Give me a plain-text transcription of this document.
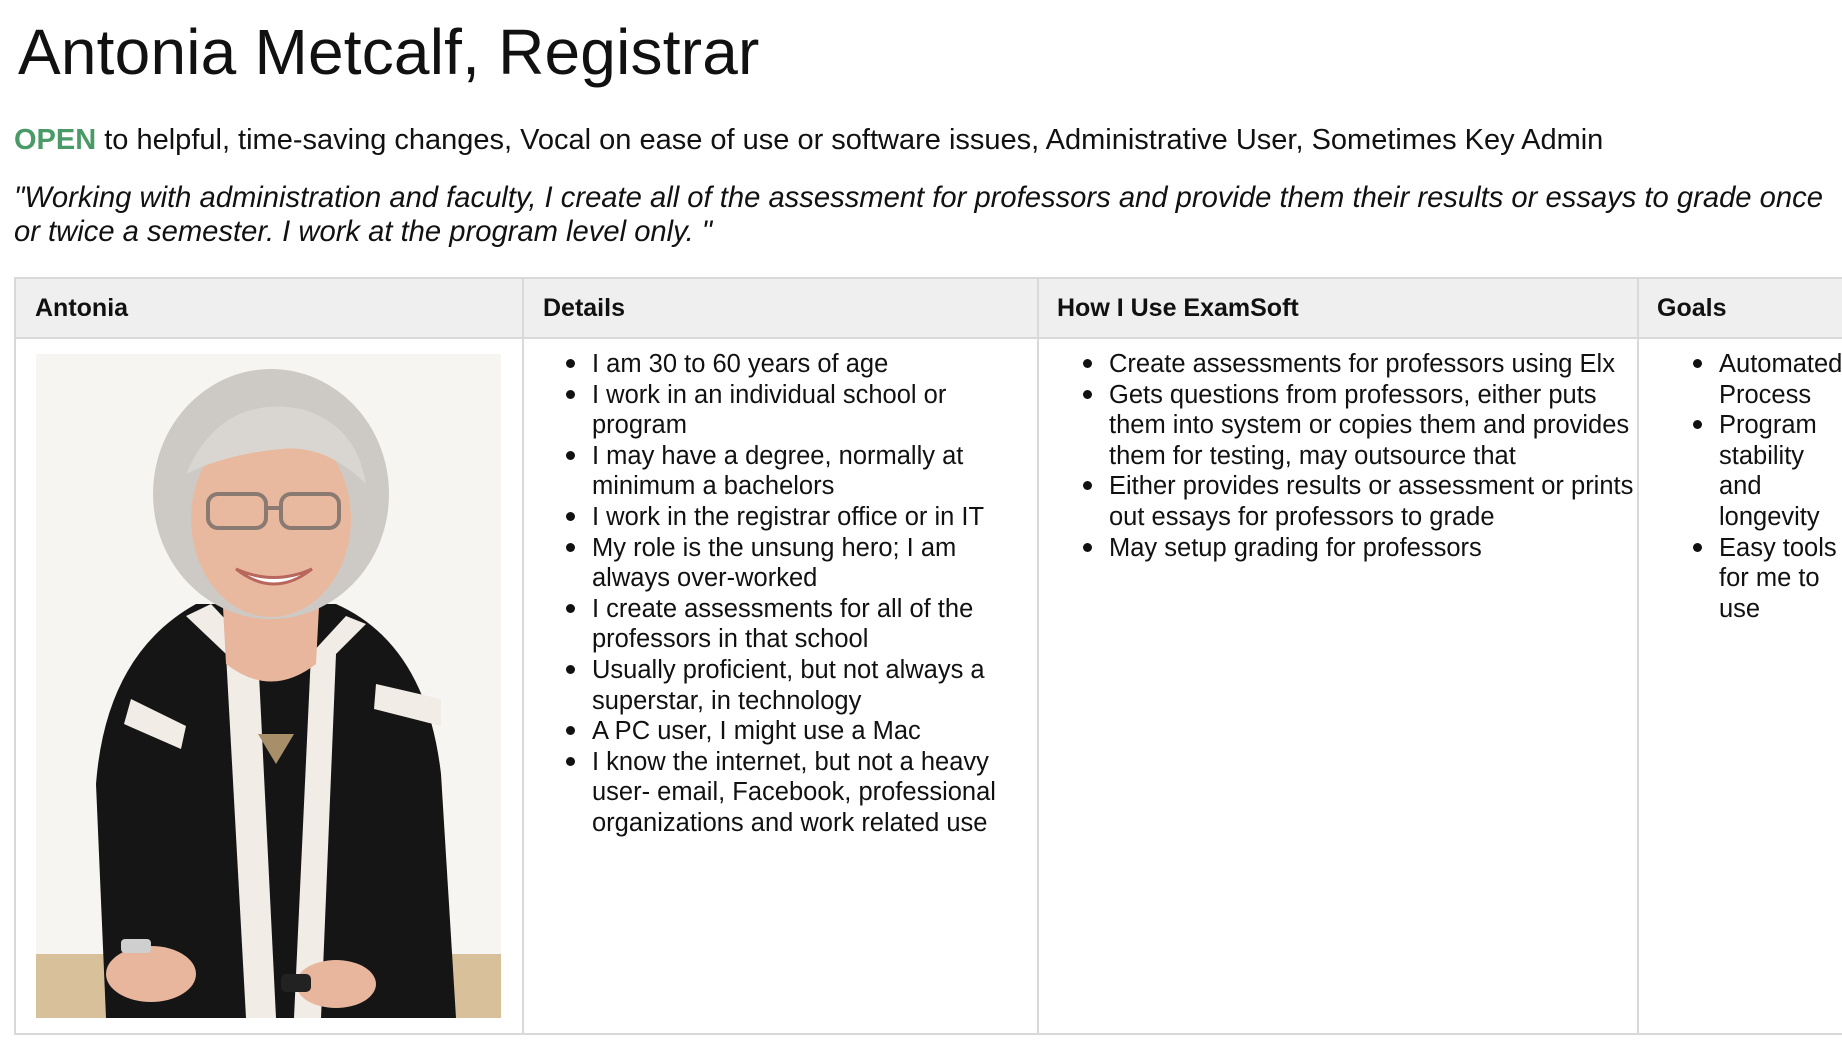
Antonia Metcalf, Registrar

OPEN to helpful, time-saving changes, Vocal on ease of use or software issues, Administrative User, Sometimes Key Admin

"Working with administration and faculty, I create all of the assessment for professors and provide them their results or essays to grade once or twice a semester. I work at the program level only. "

Antonia	Details
I am 30 to 60 years of age
I work in an individual school or program
I may have a degree, normally at minimum a bachelors
I work in the registrar office or in IT
My role is the unsung hero; I am always over-worked
I create assessments for all of the professors in that school
Usually proficient, but not always a superstar, in technology
A PC user, I might use a Mac
I know the internet, but not a heavy user- email, Facebook, professional organizations and work related use
How I Use ExamSoft
Create assessments for professors using Elx
Gets questions from professors, either puts them into system or copies them and provides them for testing, may outsource that
Either provides results or assessment or prints out essays for professors to grade
May setup grading for professors
Goals
Automated Process
Program stability and longevity
Easy tools for me to use
